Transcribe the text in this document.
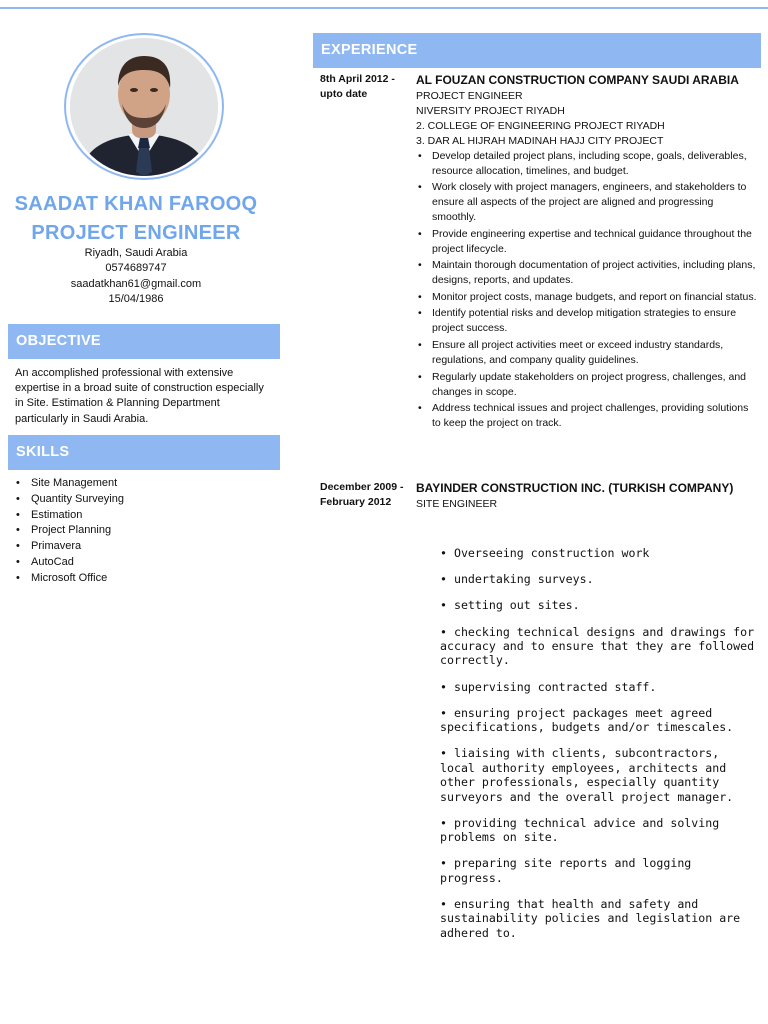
SAADAT KHAN FAROOQ
PROJECT ENGINEER
Riyadh, Saudi Arabia
0574689747
saadatkhan61@gmail.com
15/04/1986
OBJECTIVE
An accomplished professional with extensive expertise in a broad suite of construction especially in Site. Estimation & Planning Department particularly in Saudi Arabia.
SKILLS
• Site Management
• Quantity Surveying
• Estimation
• Project Planning
• Primavera
• AutoCad
• Microsoft Office
EXPERIENCE
8th April 2012 - upto date
AL FOUZAN CONSTRUCTION COMPANY SAUDI ARABIA
PROJECT ENGINEER
NIVERSITY PROJECT RIYADH
2. COLLEGE OF ENGINEERING PROJECT RIYADH
3. DAR AL HIJRAH MADINAH HAJJ CITY PROJECT
• Develop detailed project plans, including scope, goals, deliverables, resource allocation, timelines, and budget.
• Work closely with project managers, engineers, and stakeholders to ensure all aspects of the project are aligned and progressing smoothly.
• Provide engineering expertise and technical guidance throughout the project lifecycle.
• Maintain thorough documentation of project activities, including plans, designs, reports, and updates.
• Monitor project costs, manage budgets, and report on financial status.
• Identify potential risks and develop mitigation strategies to ensure project success.
• Ensure all project activities meet or exceed industry standards, regulations, and company quality guidelines.
• Regularly update stakeholders on project progress, challenges, and changes in scope.
• Address technical issues and project challenges, providing solutions to keep the project on track.
December 2009 - February 2012
BAYINDER CONSTRUCTION INC. (TURKISH COMPANY)
SITE ENGINEER
• Overseeing construction work
• undertaking surveys.
• setting out sites.
• checking technical designs and drawings for accuracy and to ensure that they are followed correctly.
• supervising contracted staff.
• ensuring project packages meet agreed specifications, budgets and/or timescales.
• liaising with clients, subcontractors, local authority employees, architects and other professionals, especially quantity surveyors and the overall project manager.
• providing technical advice and solving problems on site.
• preparing site reports and logging progress.
• ensuring that health and safety and sustainability policies and legislation are adhered to.
